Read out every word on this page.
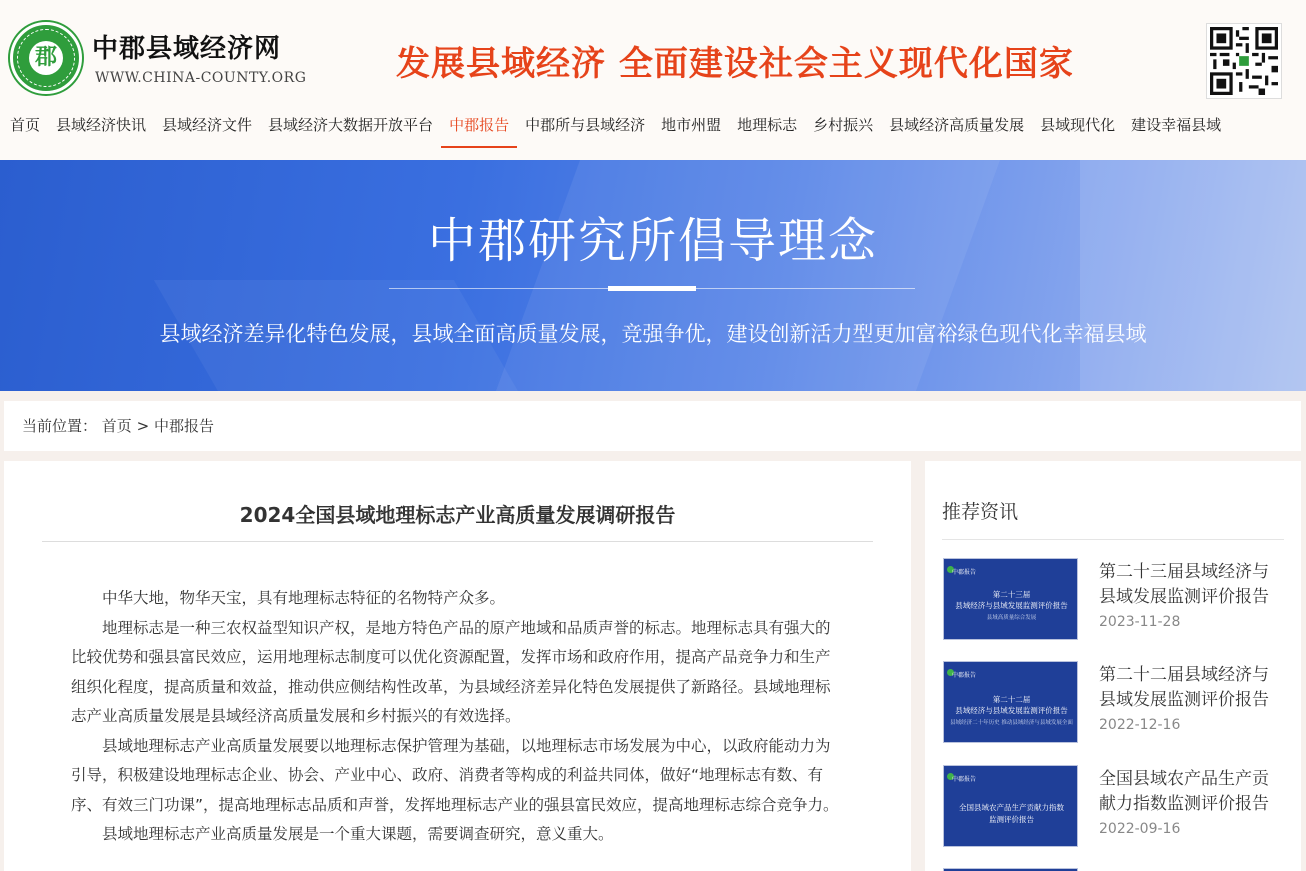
郡 中郡县域经济网
WWW.CHINA-COUNTY.ORG	发展县域经济 全面建设社会主义现代化国家
首页	县域经济快讯	县域经济文件	县域经济大数据开放平台	中郡报告	中郡所与县域经济	地市州盟	地理标志	乡村振兴	县域经济高质量发展	县域现代化	建设幸福县域
中郡研究所倡导理念
县域经济差异化特色发展，县域全面高质量发展，竞强争优，建设创新活力型更加富裕绿色现代化幸福县域
当前位置： 首页 > 中郡报告
2024全国县域地理标志产业高质量发展调研报告

中华大地，物华天宝，具有地理标志特征的名物特产众多。

地理标志是一种三农权益型知识产权，是地方特色产品的原产地域和品质声誉的标志。地理标志具有强大的比较优势和强县富民效应，运用地理标志制度可以优化资源配置，发挥市场和政府作用，提高产品竞争力和生产组织化程度，提高质量和效益，推动供应侧结构性改革，为县域经济差异化特色发展提供了新路径。县域地理标志产业高质量发展是县域经济高质量发展和乡村振兴的有效选择。

县域地理标志产业高质量发展要以地理标志保护管理为基础，以地理标志市场发展为中心，以政府能动力为引导，积极建设地理标志企业、协会、产业中心、政府、消费者等构成的利益共同体，做好“地理标志有数、有序、有效三门功课”，提高地理标志品质和声誉，发挥地理标志产业的强县富民效应，提高地理标志综合竞争力。

县域地理标志产业高质量发展是一个重大课题，需要调查研究，意义重大。

推荐资讯
中郡报告
第二十三届
县域经济与县域发展监测评价报告
县域高质量综合发展
第二十三届县域经济与县域发展监测评价报告
2023-11-28
中郡报告
第二十二届
县域经济与县域发展监测评价报告
县域经济二十年历史 推动县域经济与县域发展全面
第二十二届县域经济与县域发展监测评价报告
2022-12-16
中郡报告
全国县域农产品生产贡献力指数
监测评价报告
全国县域农产品生产贡献力指数监测评价报告
2022-09-16
